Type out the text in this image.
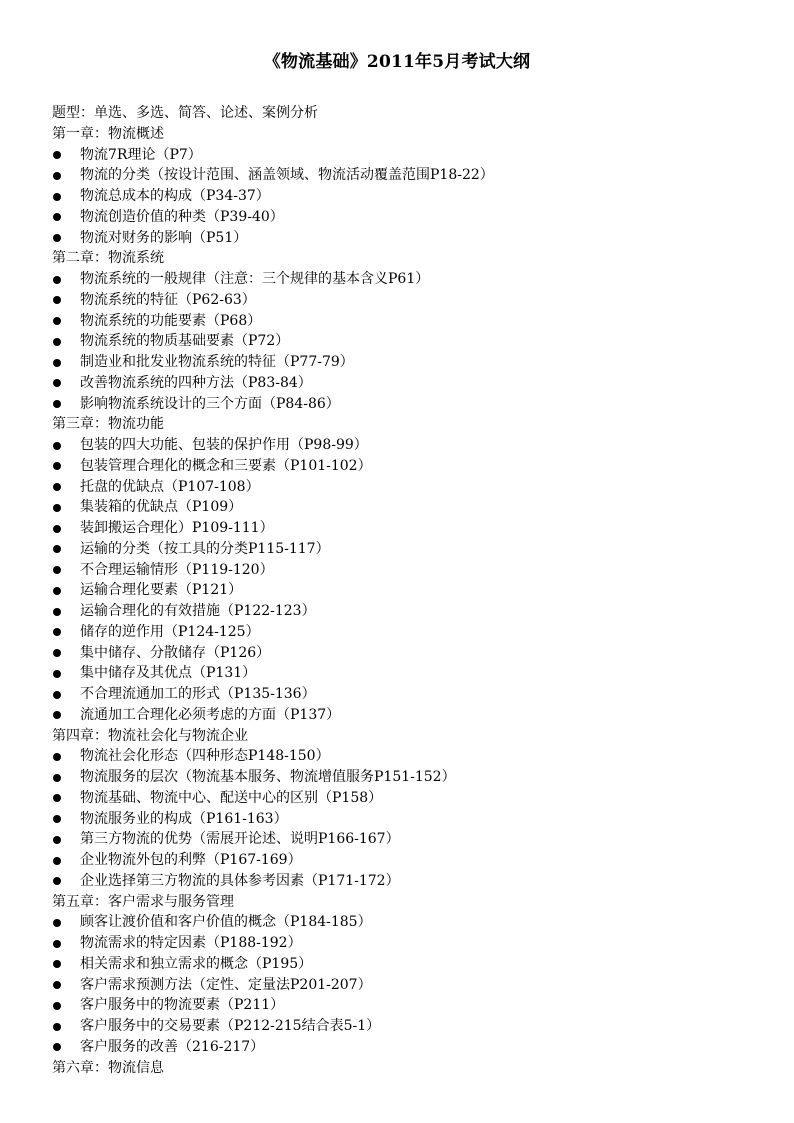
《物流基础》2011年5月考试大纲
题型：单选、多选、简答、论述、案例分析
第一章：物流概述
物流7R理论（P7）
物流的分类（按设计范围、涵盖领域、物流活动覆盖范围P18-22）
物流总成本的构成（P34-37）
物流创造价值的种类（P39-40）
物流对财务的影响（P51）
第二章：物流系统
物流系统的一般规律（注意：三个规律的基本含义P61）
物流系统的特征（P62-63）
物流系统的功能要素（P68）
物流系统的物质基础要素（P72）
制造业和批发业物流系统的特征（P77-79）
改善物流系统的四种方法（P83-84）
影响物流系统设计的三个方面（P84-86）
第三章：物流功能
包装的四大功能、包装的保护作用（P98-99）
包装管理合理化的概念和三要素（P101-102）
托盘的优缺点（P107-108）
集装箱的优缺点（P109）
装卸搬运合理化）P109-111）
运输的分类（按工具的分类P115-117）
不合理运输情形（P119-120）
运输合理化要素（P121）
运输合理化的有效措施（P122-123）
储存的逆作用（P124-125）
集中储存、分散储存（P126）
集中储存及其优点（P131）
不合理流通加工的形式（P135-136）
流通加工合理化必须考虑的方面（P137）
第四章：物流社会化与物流企业
物流社会化形态（四种形态P148-150）
物流服务的层次（物流基本服务、物流增值服务P151-152）
物流基础、物流中心、配送中心的区别（P158）
物流服务业的构成（P161-163）
第三方物流的优势（需展开论述、说明P166-167）
企业物流外包的利弊（P167-169）
企业选择第三方物流的具体参考因素（P171-172）
第五章：客户需求与服务管理
顾客让渡价值和客户价值的概念（P184-185）
物流需求的特定因素（P188-192）
相关需求和独立需求的概念（P195）
客户需求预测方法（定性、定量法P201-207）
客户服务中的物流要素（P211）
客户服务中的交易要素（P212-215结合表5-1）
客户服务的改善（216-217）
第六章：物流信息
